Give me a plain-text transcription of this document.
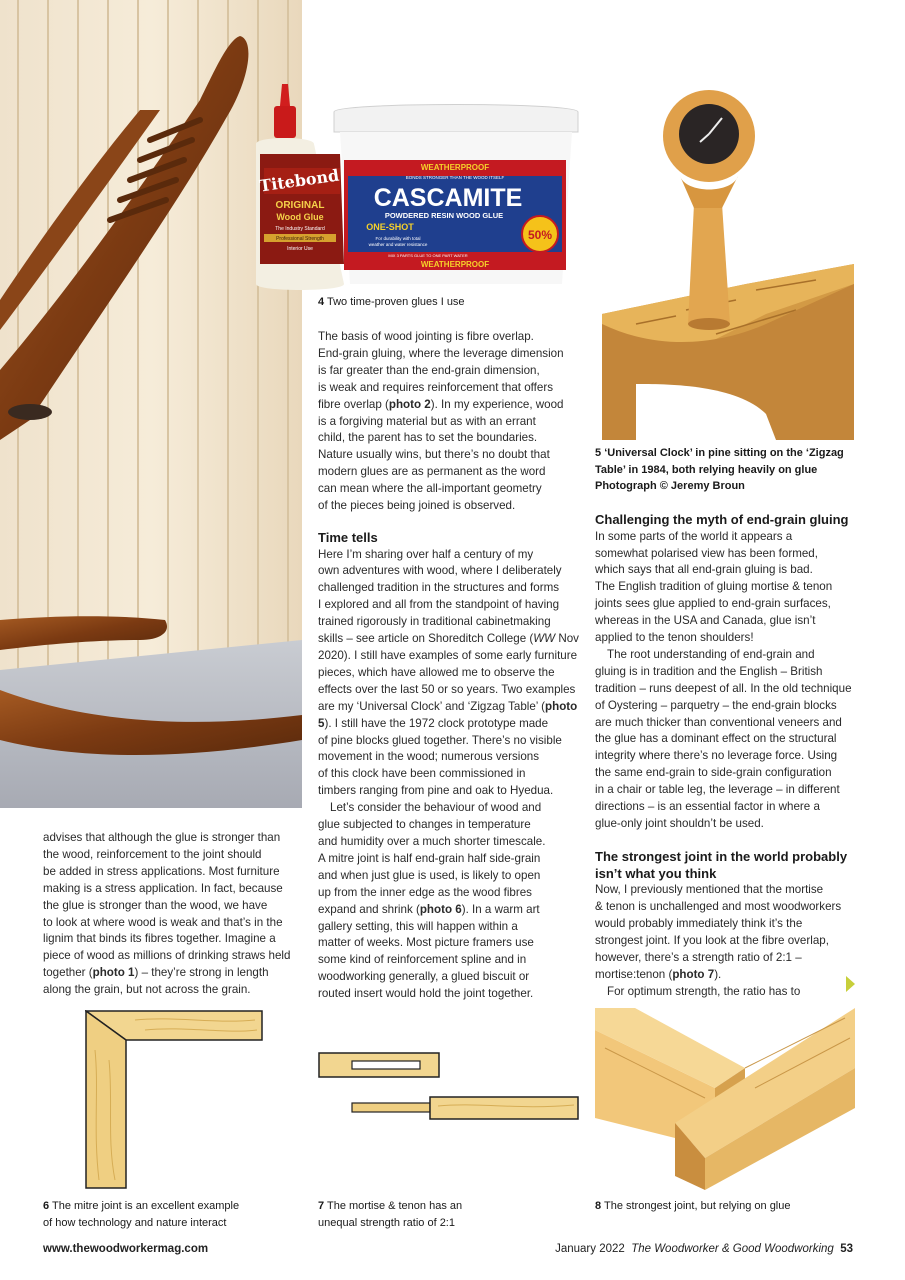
Titebond
ORIGINAL
Wood Glue
The Industry Standard
Professional Strength
Interior Use
WEATHERPROOF
BONDS STRONGER THAN THE WOOD ITSELF
CASCAMITE
POWDERED RESIN WOOD GLUE
ONE-SHOT
For durability with total
weather and water resistance
MIX 3 PARTS GLUE TO ONE PART WATER
WEATHERPROOF
50%
4 Two time-proven glues I use
5 ‘Universal Clock’ in pine sitting on the ‘Zigzag
Table’ in 1984, both relying heavily on glue
Photograph © Jeremy Broun

The basis of wood jointing is fibre overlap.

End-grain gluing, where the leverage dimension

is far greater than the end-grain dimension,

is weak and requires reinforcement that offers

fibre overlap (photo 2). In my experience, wood

is a forgiving material but as with an errant

child, the parent has to set the boundaries.

Nature usually wins, but there’s no doubt that

modern glues are as permanent as the word

can mean where the all-important geometry

of the pieces being joined is observed.

Time tells

Here I’m sharing over half a century of my

own adventures with wood, where I deliberately

challenged tradition in the structures and forms

I explored and all from the standpoint of having

trained rigorously in traditional cabinetmaking

skills – see article on Shoreditch College (WW Nov

2020). I still have examples of some early furniture

pieces, which have allowed me to observe the

effects over the last 50 or so years. Two examples

are my ‘Universal Clock’ and ‘Zigzag Table’ (photo

5). I still have the 1972 clock prototype made

of pine blocks glued together. There’s no visible

movement in the wood; numerous versions

of this clock have been commissioned in

timbers ranging from pine and oak to Hyedua.

Let’s consider the behaviour of wood and

glue subjected to changes in temperature

and humidity over a much shorter timescale.

A mitre joint is half end-grain half side-grain

and when just glue is used, is likely to open

up from the inner edge as the wood fibres

expand and shrink (photo 6). In a warm art

gallery setting, this will happen within a

matter of weeks. Most picture framers use

some kind of reinforcement spline and in

woodworking generally, a glued biscuit or

routed insert would hold the joint together.

advises that although the glue is stronger than

the wood, reinforcement to the joint should

be added in stress applications. Most furniture

making is a stress application. In fact, because

the glue is stronger than the wood, we have

to look at where wood is weak and that’s in the

lignim that binds its fibres together. Imagine a

piece of wood as millions of drinking straws held

together (photo 1) – they’re strong in length

along the grain, but not across the grain.

Challenging the myth of end-grain gluing

In some parts of the world it appears a

somewhat polarised view has been formed,

which says that all end-grain gluing is bad.

The English tradition of gluing mortise & tenon

joints sees glue applied to end-grain surfaces,

whereas in the USA and Canada, glue isn’t

applied to the tenon shoulders!

The root understanding of end-grain and

gluing is in tradition and the English – British

tradition – runs deepest of all. In the old technique

of Oystering – parquetry – the end-grain blocks

are much thicker than conventional veneers and

the glue has a dominant effect on the structural

integrity where there’s no leverage force. Using

the same end-grain to side-grain configuration

in a chair or table leg, the leverage – in different

directions – is an essential factor in where a

glue-only joint shouldn’t be used.

The strongest joint in the world probably

isn’t what you think

Now, I previously mentioned that the mortise

& tenon is unchallenged and most woodworkers

would probably immediately think it’s the

strongest joint. If you look at the fibre overlap,

however, there’s a strength ratio of 2:1 –

mortise:tenon (photo 7).

For optimum strength, the ratio has to

6 The mitre joint is an excellent example
of how technology and nature interact
7 The mortise & tenon has an
unequal strength ratio of 2:1
8 The strongest joint, but relying on glue
www.thewoodworkermag.com	January 2022 The Woodworker & Good Woodworking 53
